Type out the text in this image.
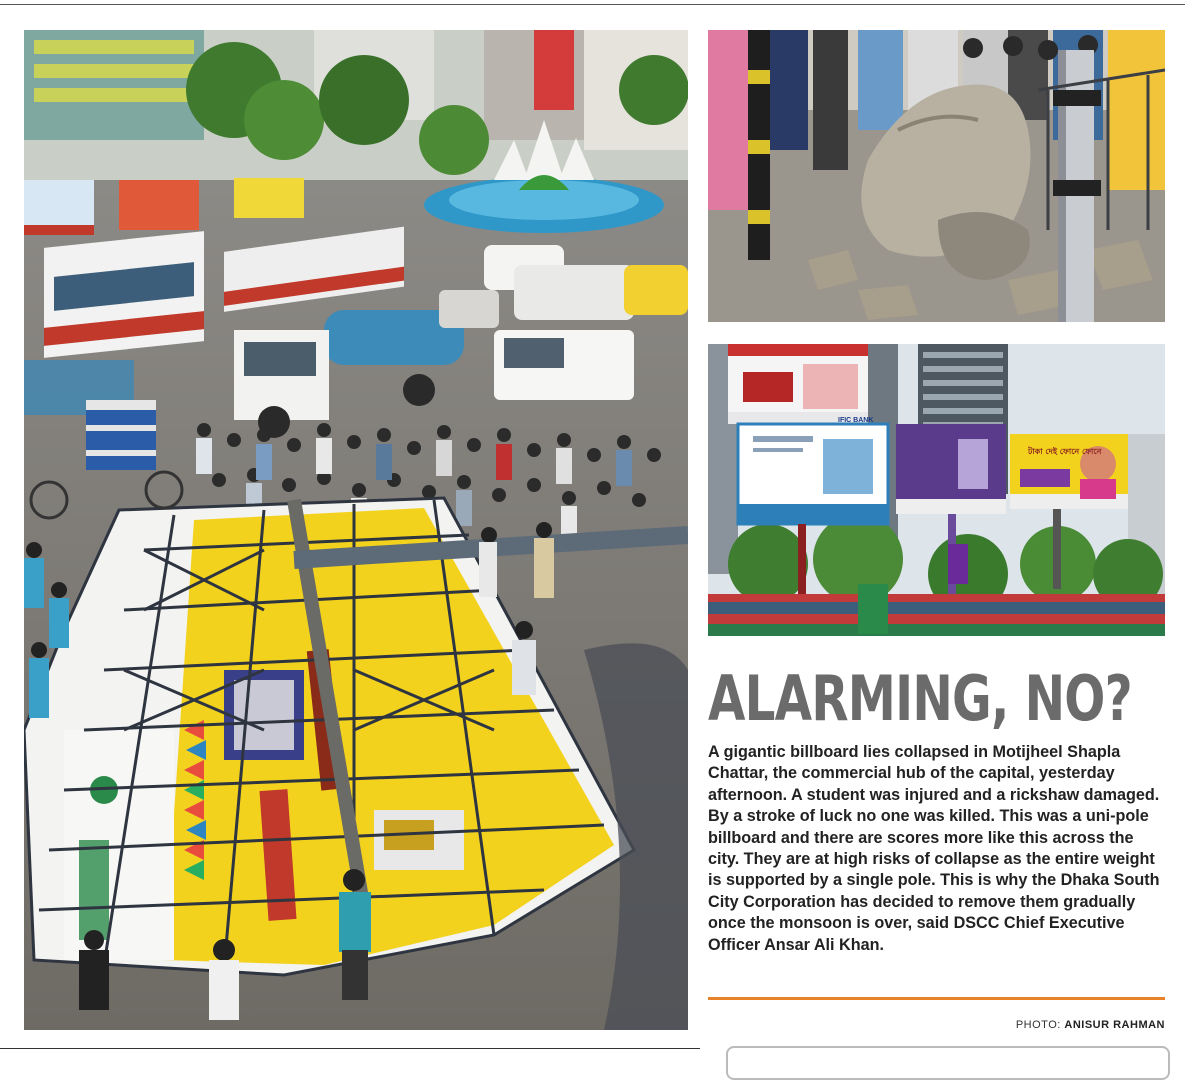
IFIC BANK
টাকা দেই ফোনে ফোনে
ALARMING, NO?
A gigantic billboard lies collapsed in Motijheel Shapla Chattar, the commercial hub of the capital, yesterday afternoon. A student was injured and a rickshaw damaged. By a stroke of luck no one was killed. This was a uni-pole billboard and there are scores more like this across the city. They are at high risks of collapse as the entire weight is supported by a single pole. This is why the Dhaka South City Corporation has decided to remove them gradually once the monsoon is over, said DSCC Chief Executive Officer Ansar Ali Khan.
PHOTO: ANISUR RAHMAN
